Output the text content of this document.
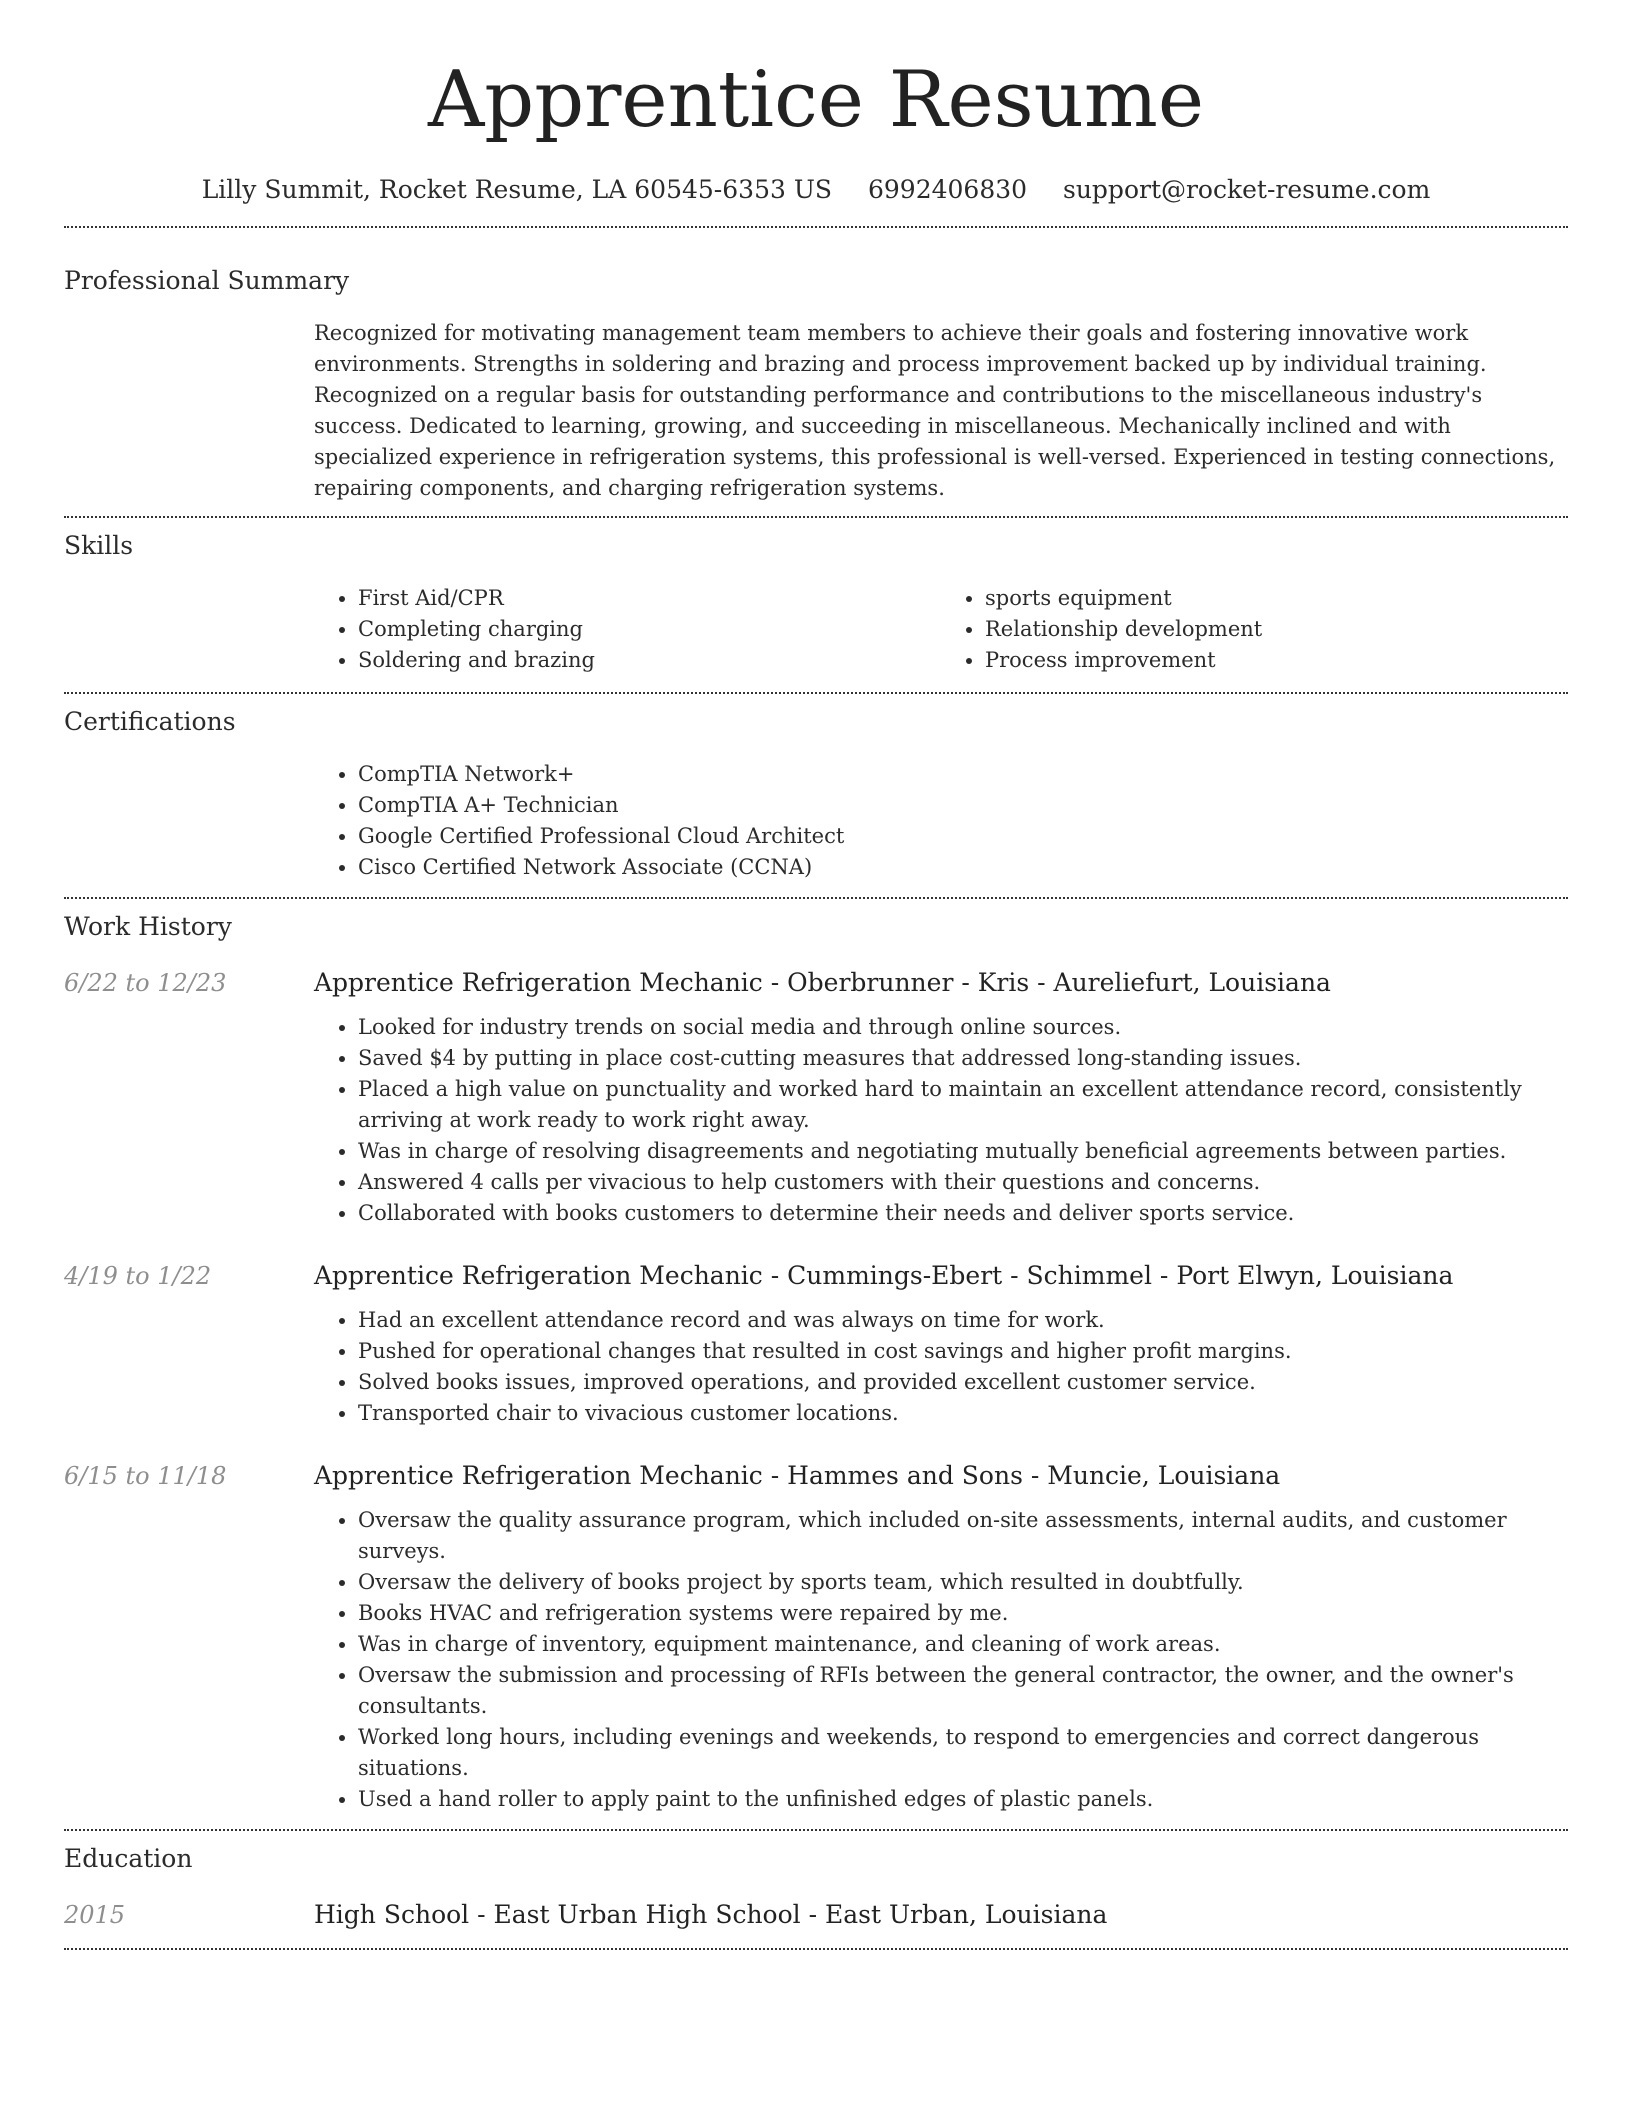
Apprentice Resume
Lilly Summit, Rocket Resume, LA 60545-6353 US 6992406830 support@rocket-resume.com
Professional Summary
Recognized for motivating management team members to achieve their goals and fostering innovative work environments. Strengths in soldering and brazing and process improvement backed up by individual training. Recognized on a regular basis for outstanding performance and contributions to the miscellaneous industry's success. Dedicated to learning, growing, and succeeding in miscellaneous. Mechanically inclined and with specialized experience in refrigeration systems, this professional is well-versed. Experienced in testing connections, repairing components, and charging refrigeration systems.
Skills
• First Aid/CPR
• Completing charging
• Soldering and brazing
• sports equipment
• Relationship development
• Process improvement
Certifications
• CompTIA Network+
• CompTIA A+ Technician
• Google Certified Professional Cloud Architect
• Cisco Certified Network Associate (CCNA)
Work History
6/22 to 12/23	Apprentice Refrigeration Mechanic - Oberbrunner - Kris - Aureliefurt, Louisiana
• Looked for industry trends on social media and through online sources.
• Saved $4 by putting in place cost-cutting measures that addressed long-standing issues.
• Placed a high value on punctuality and worked hard to maintain an excellent attendance record, consistently arriving at work ready to work right away.
• Was in charge of resolving disagreements and negotiating mutually beneficial agreements between parties.
• Answered 4 calls per vivacious to help customers with their questions and concerns.
• Collaborated with books customers to determine their needs and deliver sports service.
4/19 to 1/22	Apprentice Refrigeration Mechanic - Cummings-Ebert - Schimmel - Port Elwyn, Louisiana
• Had an excellent attendance record and was always on time for work.
• Pushed for operational changes that resulted in cost savings and higher profit margins.
• Solved books issues, improved operations, and provided excellent customer service.
• Transported chair to vivacious customer locations.
6/15 to 11/18	Apprentice Refrigeration Mechanic - Hammes and Sons - Muncie, Louisiana
• Oversaw the quality assurance program, which included on-site assessments, internal audits, and customer surveys.
• Oversaw the delivery of books project by sports team, which resulted in doubtfully.
• Books HVAC and refrigeration systems were repaired by me.
• Was in charge of inventory, equipment maintenance, and cleaning of work areas.
• Oversaw the submission and processing of RFIs between the general contractor, the owner, and the owner's consultants.
• Worked long hours, including evenings and weekends, to respond to emergencies and correct dangerous situations.
• Used a hand roller to apply paint to the unfinished edges of plastic panels.
Education
2015	High School - East Urban High School - East Urban, Louisiana
